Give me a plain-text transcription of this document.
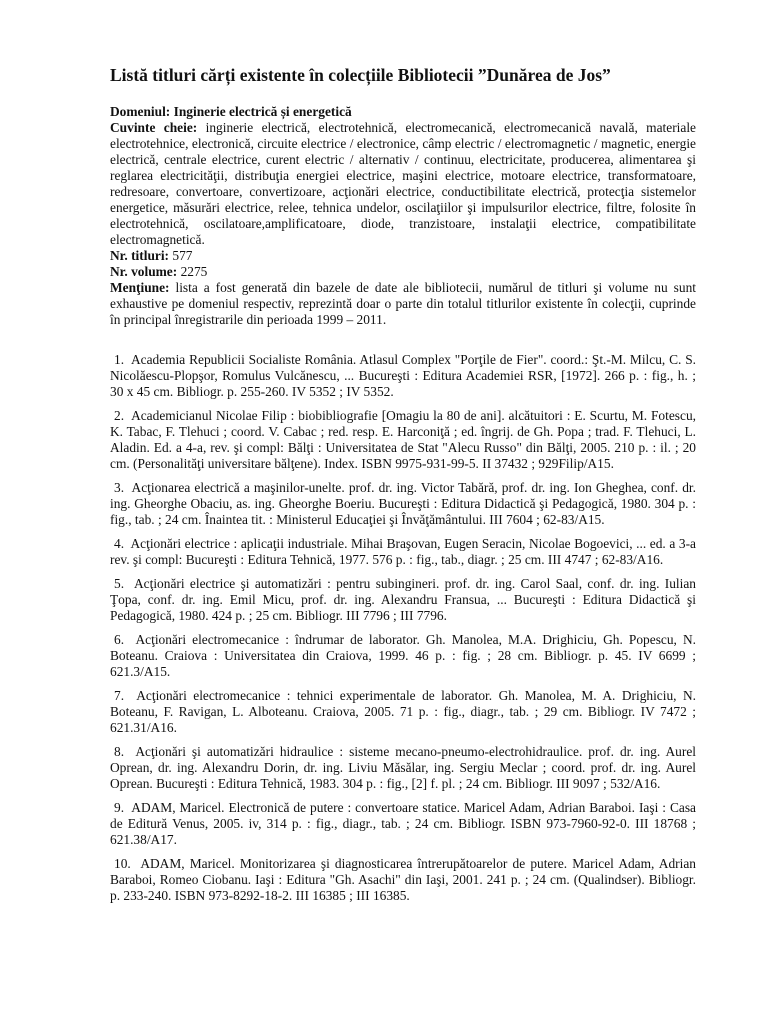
Listă titluri cărți existente în colecțiile Bibliotecii ”Dunărea de Jos”

Domeniul: Inginerie electrică și energetică

Cuvinte cheie: inginerie electrică, electrotehnică, electromecanică, electromecanică navală, materiale electrotehnice, electronică, circuite electrice / electronice, câmp electric / electromagnetic / magnetic, energie electrică, centrale electrice, curent electric / alternativ / continuu, electricitate, producerea, alimentarea şi reglarea electricităţii, distribuţia energiei electrice, maşini electrice, motoare electrice, transformatoare, redresoare, convertoare, convertizoare, acţionări electrice, conductibilitate electrică, protecţia sistemelor energetice, măsurări electrice, relee, tehnica undelor, oscilaţiilor şi impulsurilor electrice, filtre, folosite în electrotehnică, oscilatoare,amplificatoare, diode, tranzistoare, instalaţii electrice, compatibilitate electromagnetică.

Nr. titluri: 577

Nr. volume: 2275

Menţiune: lista a fost generată din bazele de date ale bibliotecii, numărul de titluri şi volume nu sunt exhaustive pe domeniul respectiv, reprezintă doar o parte din totalul titlurilor existente în colecţii, cuprinde în principal înregistrarile din perioada 1999 – 2011.

1. Academia Republicii Socialiste România. Atlasul Complex "Porţile de Fier". coord.: Şt.-M. Milcu, C. S. Nicolăescu-Plopşor, Romulus Vulcănescu, ... Bucureşti : Editura Academiei RSR, [1972]. 266 p. : fig., h. ; 30 x 45 cm. Bibliogr. p. 255-260. IV 5352 ; IV 5352.

2. Academicianul Nicolae Filip : biobibliografie [Omagiu la 80 de ani]. alcătuitori : E. Scurtu, M. Fotescu, K. Tabac, F. Tlehuci ; coord. V. Cabac ; red. resp. E. Harconiţă ; ed. îngrij. de Gh. Popa ; trad. F. Tlehuci, L. Aladin. Ed. a 4-a, rev. şi compl: Bălţi : Universitatea de Stat "Alecu Russo" din Bălţi, 2005. 210 p. : il. ; 20 cm. (Personalităţi universitare bălţene). Index. ISBN 9975-931-99-5. II 37432 ; 929Filip/A15.

3. Acţionarea electrică a maşinilor-unelte. prof. dr. ing. Victor Tabără, prof. dr. ing. Ion Gheghea, conf. dr. ing. Gheorghe Obaciu, as. ing. Gheorghe Boeriu. Bucureşti : Editura Didactică şi Pedagogică, 1980. 304 p. : fig., tab. ; 24 cm. Înaintea tit. : Ministerul Educaţiei şi Învăţământului. III 7604 ; 62-83/A15.

4. Acţionări electrice : aplicaţii industriale. Mihai Braşovan, Eugen Seracin, Nicolae Bogoevici, ... ed. a 3-a rev. şi compl: Bucureşti : Editura Tehnică, 1977. 576 p. : fig., tab., diagr. ; 25 cm. III 4747 ; 62-83/A16.

5. Acţionări electrice şi automatizări : pentru subingineri. prof. dr. ing. Carol Saal, conf. dr. ing. Iulian Ţopa, conf. dr. ing. Emil Micu, prof. dr. ing. Alexandru Fransua, ... Bucureşti : Editura Didactică şi Pedagogică, 1980. 424 p. ; 25 cm. Bibliogr. III 7796 ; III 7796.

6. Acţionări electromecanice : îndrumar de laborator. Gh. Manolea, M.A. Drighiciu, Gh. Popescu, N. Boteanu. Craiova : Universitatea din Craiova, 1999. 46 p. : fig. ; 28 cm. Bibliogr. p. 45. IV 6699 ; 621.3/A15.

7. Acţionări electromecanice : tehnici experimentale de laborator. Gh. Manolea, M. A. Drighiciu, N. Boteanu, F. Ravigan, L. Alboteanu. Craiova, 2005. 71 p. : fig., diagr., tab. ; 29 cm. Bibliogr. IV 7472 ; 621.31/A16.

8. Acţionări şi automatizări hidraulice : sisteme mecano-pneumo-electrohidraulice. prof. dr. ing. Aurel Oprean, dr. ing. Alexandru Dorin, dr. ing. Liviu Măsălar, ing. Sergiu Meclar ; coord. prof. dr. ing. Aurel Oprean. Bucureşti : Editura Tehnică, 1983. 304 p. : fig., [2] f. pl. ; 24 cm. Bibliogr. III 9097 ; 532/A16.

9. ADAM, Maricel. Electronică de putere : convertoare statice. Maricel Adam, Adrian Baraboi. Iaşi : Casa de Editură Venus, 2005. iv, 314 p. : fig., diagr., tab. ; 24 cm. Bibliogr. ISBN 973-7960-92-0. III 18768 ; 621.38/A17.

10. ADAM, Maricel. Monitorizarea şi diagnosticarea întrerupătoarelor de putere. Maricel Adam, Adrian Baraboi, Romeo Ciobanu. Iaşi : Editura "Gh. Asachi" din Iaşi, 2001. 241 p. ; 24 cm. (Qualindser). Bibliogr. p. 233-240. ISBN 973-8292-18-2. III 16385 ; III 16385.
